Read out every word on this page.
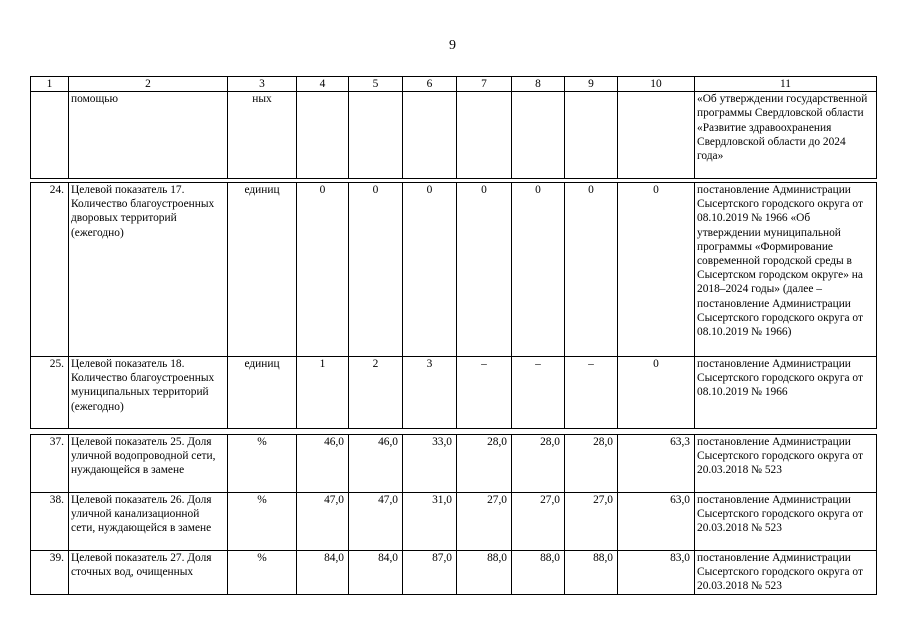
9
1	2	3	4	5	6	7	8	9	10	11
	помощью	ных								«Об утверждении государственной программы Свердловской области «Развитие здравоохранения Свердловской области до 2024 года»
24.	Целевой показатель 17. Количество благоустроенных дворовых территорий (ежегодно)	единиц	0	0	0	0	0	0	0	постановление Администрации Сысертского городского округа от 08.10.2019 № 1966 «Об утверждении муниципальной программы «Формирование современной городской среды в Сысертском городском округе» на 2018–2024 годы» (далее – постановление Администрации Сысертского городского округа от 08.10.2019 № 1966)
25.	Целевой показатель 18. Количество благоустроенных муниципальных территорий (ежегодно)	единиц	1	2	3	–	–	–	0	постановление Администрации Сысертского городского округа от 08.10.2019 № 1966
37.	Целевой показатель 25. Доля уличной водопроводной сети, нуждающейся в замене	%	46,0	46,0	33,0	28,0	28,0	28,0	63,3	постановление Администрации Сысертского городского округа от 20.03.2018 № 523
38.	Целевой показатель 26. Доля уличной канализационной сети, нуждающейся в замене	%	47,0	47,0	31,0	27,0	27,0	27,0	63,0	постановление Администрации Сысертского городского округа от 20.03.2018 № 523
39.	Целевой показатель 27. Доля сточных вод, очищенных	%	84,0	84,0	87,0	88,0	88,0	88,0	83,0	постановление Администрации Сысертского городского округа от 20.03.2018 № 523
